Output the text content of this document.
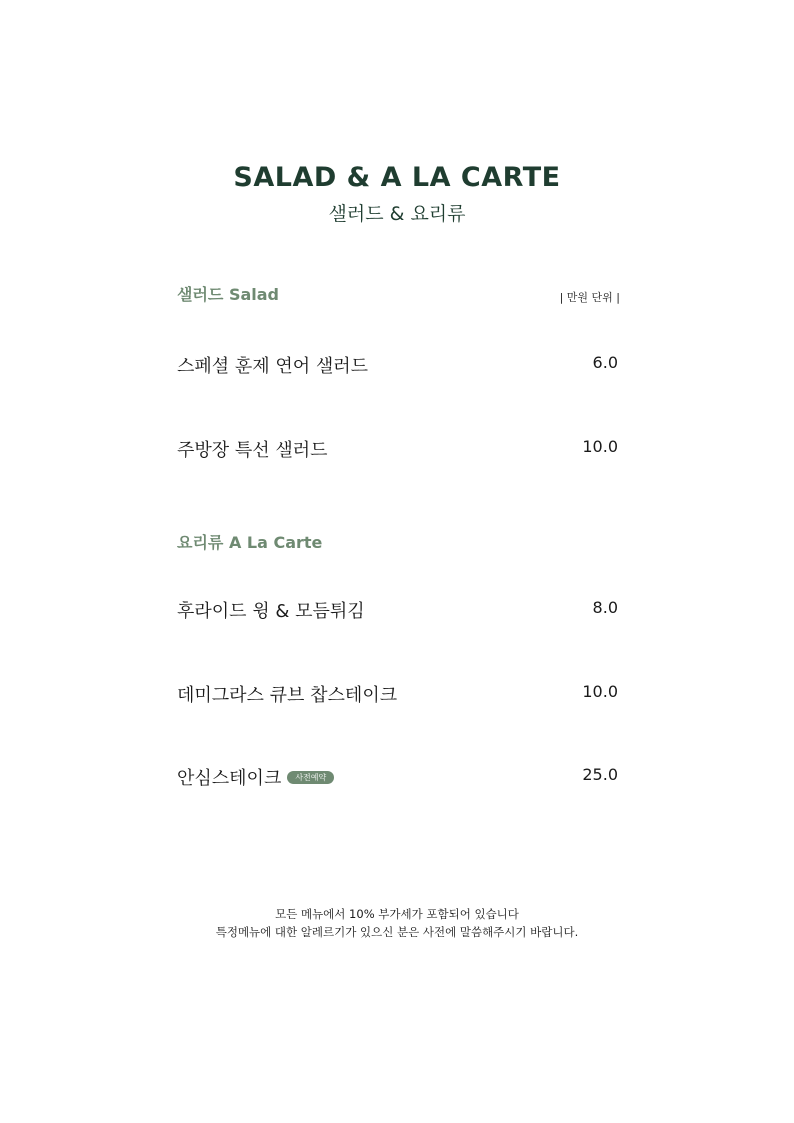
SALAD & A LA CARTE
샐러드 & 요리류
샐러드 Salad	| 만원 단위 |
스페셜 훈제 연어 샐러드	6.0
주방장 특선 샐러드	10.0
요리류 A La Carte
후라이드 윙 & 모듬튀김	8.0
데미그라스 큐브 찹스테이크	10.0
안심스테이크 사전예약	25.0
모든 메뉴에서 10% 부가세가 포함되어 있습니다
특정메뉴에 대한 알레르기가 있으신 분은 사전에 말씀해주시기 바랍니다.
